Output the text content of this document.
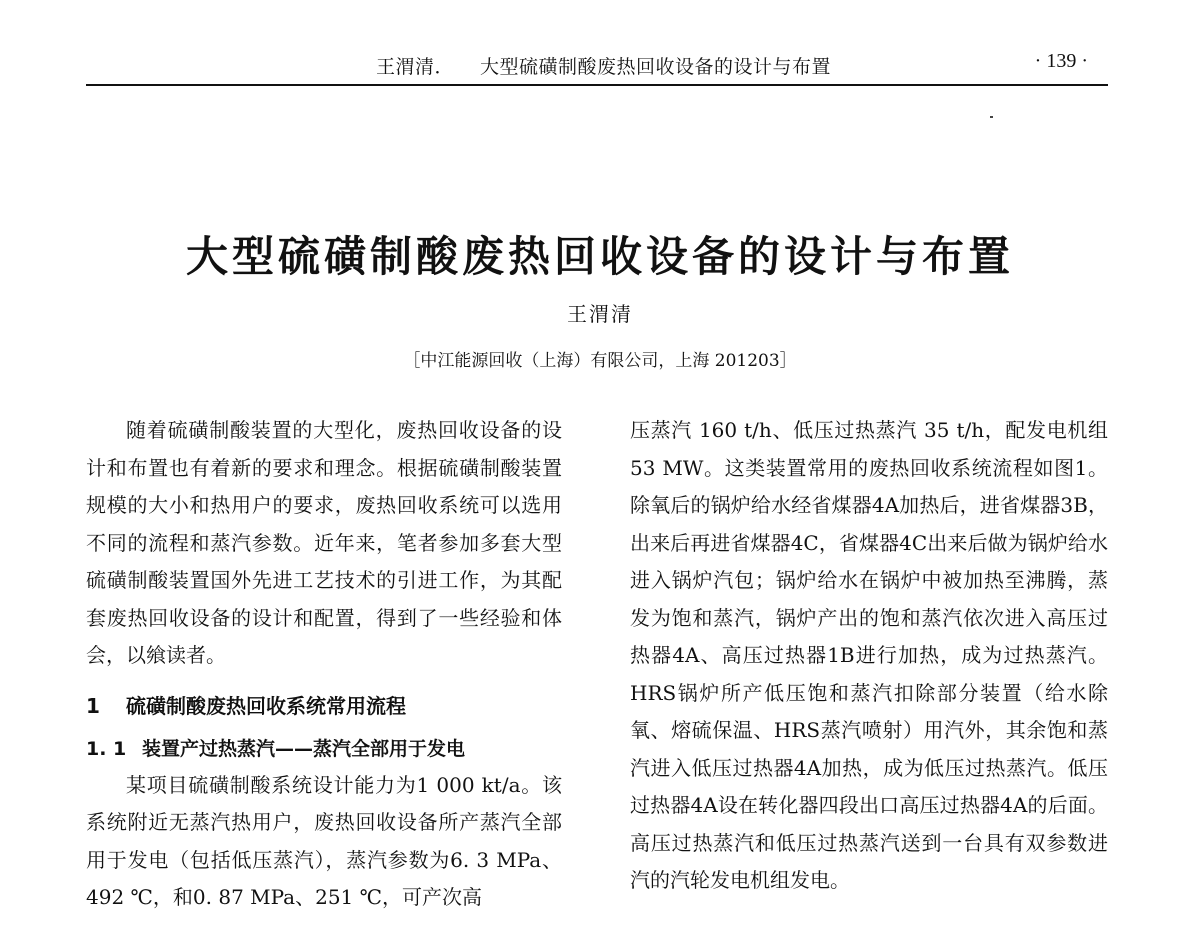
王渭清． 大型硫磺制酸废热回收设备的设计与布置	· 139 ·
大型硫磺制酸废热回收设备的设计与布置
王渭清
［中江能源回收（上海）有限公司，上海 201203］

随着硫磺制酸装置的大型化，废热回收设备的设计和布置也有着新的要求和理念。根据硫磺制酸装置规模的大小和热用户的要求，废热回收系统可以选用不同的流程和蒸汽参数。近年来，笔者参加多套大型硫磺制酸装置国外先进工艺技术的引进工作，为其配套废热回收设备的设计和配置，得到了一些经验和体会，以飨读者。

1 硫磺制酸废热回收系统常用流程
1. 1 装置产过热蒸汽——蒸汽全部用于发电

某项目硫磺制酸系统设计能力为1 000 kt/a。该系统附近无蒸汽热用户，废热回收设备所产蒸汽全部用于发电（包括低压蒸汽），蒸汽参数为6. 3 MPa、492 ℃，和0. 87 MPa、251 ℃，可产次高

压蒸汽 160 t/h、低压过热蒸汽 35 t/h，配发电机组 53 MW。这类装置常用的废热回收系统流程如图1。除氧后的锅炉给水经省煤器4A加热后，进省煤器3B，出来后再进省煤器4C，省煤器4C出来后做为锅炉给水进入锅炉汽包；锅炉给水在锅炉中被加热至沸腾，蒸发为饱和蒸汽，锅炉产出的饱和蒸汽依次进入高压过热器4A、高压过热器1B进行加热，成为过热蒸汽。HRS锅炉所产低压饱和蒸汽扣除部分装置（给水除氧、熔硫保温、HRS蒸汽喷射）用汽外，其余饱和蒸汽进入低压过热器4A加热，成为低压过热蒸汽。低压过热器4A设在转化器四段出口高压过热器4A的后面。高压过热蒸汽和低压过热蒸汽送到一台具有双参数进汽的汽轮发电机组发电。
